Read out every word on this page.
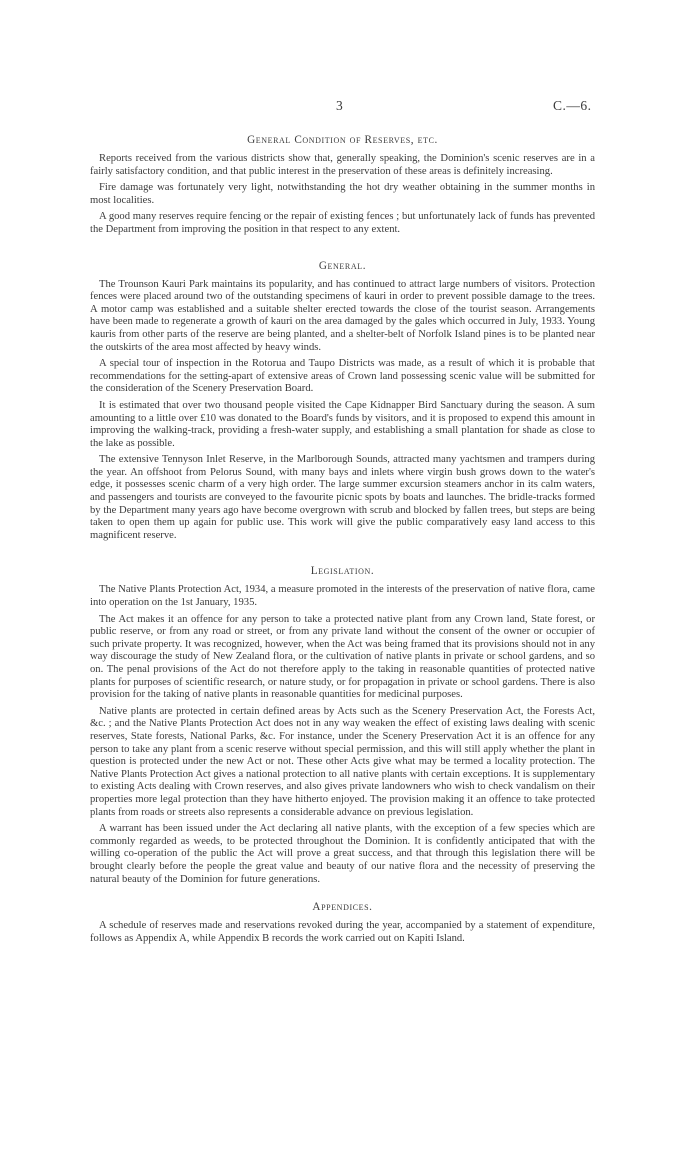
3	C.—6.
General Condition of Reserves, etc.

Reports received from the various districts show that, generally speaking, the Dominion's scenic reserves are in a fairly satisfactory condition, and that public interest in the preservation of these areas is definitely increasing.

Fire damage was fortunately very light, notwithstanding the hot dry weather obtaining in the summer months in most localities.

A good many reserves require fencing or the repair of existing fences ; but unfortunately lack of funds has prevented the Department from improving the position in that respect to any extent.

General.

The Trounson Kauri Park maintains its popularity, and has continued to attract large numbers of visitors. Protection fences were placed around two of the outstanding specimens of kauri in order to prevent possible damage to the trees. A motor camp was established and a suitable shelter erected towards the close of the tourist season. Arrangements have been made to regenerate a growth of kauri on the area damaged by the gales which occurred in July, 1933. Young kauris from other parts of the reserve are being planted, and a shelter-belt of Norfolk Island pines is to be planted near the outskirts of the area most affected by heavy winds.

A special tour of inspection in the Rotorua and Taupo Districts was made, as a result of which it is probable that recommendations for the setting-apart of extensive areas of Crown land possessing scenic value will be submitted for the consideration of the Scenery Preservation Board.

It is estimated that over two thousand people visited the Cape Kidnapper Bird Sanctuary during the season. A sum amounting to a little over £10 was donated to the Board's funds by visitors, and it is proposed to expend this amount in improving the walking-track, providing a fresh-water supply, and establishing a small plantation for shade as close to the lake as possible.

The extensive Tennyson Inlet Reserve, in the Marlborough Sounds, attracted many yachtsmen and trampers during the year. An offshoot from Pelorus Sound, with many bays and inlets where virgin bush grows down to the water's edge, it possesses scenic charm of a very high order. The large summer excursion steamers anchor in its calm waters, and passengers and tourists are conveyed to the favourite picnic spots by boats and launches. The bridle-tracks formed by the Department many years ago have become overgrown with scrub and blocked by fallen trees, but steps are being taken to open them up again for public use. This work will give the public comparatively easy land access to this magnificent reserve.

Legislation.

The Native Plants Protection Act, 1934, a measure promoted in the interests of the preservation of native flora, came into operation on the 1st January, 1935.

The Act makes it an offence for any person to take a protected native plant from any Crown land, State forest, or public reserve, or from any road or street, or from any private land without the consent of the owner or occupier of such private property. It was recognized, however, when the Act was being framed that its provisions should not in any way discourage the study of New Zealand flora, or the cultivation of native plants in private or school gardens, and so on. The penal provisions of the Act do not therefore apply to the taking in reasonable quantities of protected native plants for purposes of scientific research, or nature study, or for propagation in private or school gardens. There is also provision for the taking of native plants in reasonable quantities for medicinal purposes.

Native plants are protected in certain defined areas by Acts such as the Scenery Preservation Act, the Forests Act, &c. ; and the Native Plants Protection Act does not in any way weaken the effect of existing laws dealing with scenic reserves, State forests, National Parks, &c. For instance, under the Scenery Preservation Act it is an offence for any person to take any plant from a scenic reserve without special permission, and this will still apply whether the plant in question is protected under the new Act or not. These other Acts give what may be termed a locality protection. The Native Plants Protection Act gives a national protection to all native plants with certain exceptions. It is supplementary to existing Acts dealing with Crown reserves, and also gives private landowners who wish to check vandalism on their properties more legal protection than they have hitherto enjoyed. The provision making it an offence to take protected plants from roads or streets also represents a considerable advance on previous legislation.

A warrant has been issued under the Act declaring all native plants, with the exception of a few species which are commonly regarded as weeds, to be protected throughout the Dominion. It is confidently anticipated that with the willing co-operation of the public the Act will prove a great success, and that through this legislation there will be brought clearly before the people the great value and beauty of our native flora and the necessity of preserving the natural beauty of the Dominion for future generations.

Appendices.

A schedule of reserves made and reservations revoked during the year, accompanied by a statement of expenditure, follows as Appendix A, while Appendix B records the work carried out on Kapiti Island.
